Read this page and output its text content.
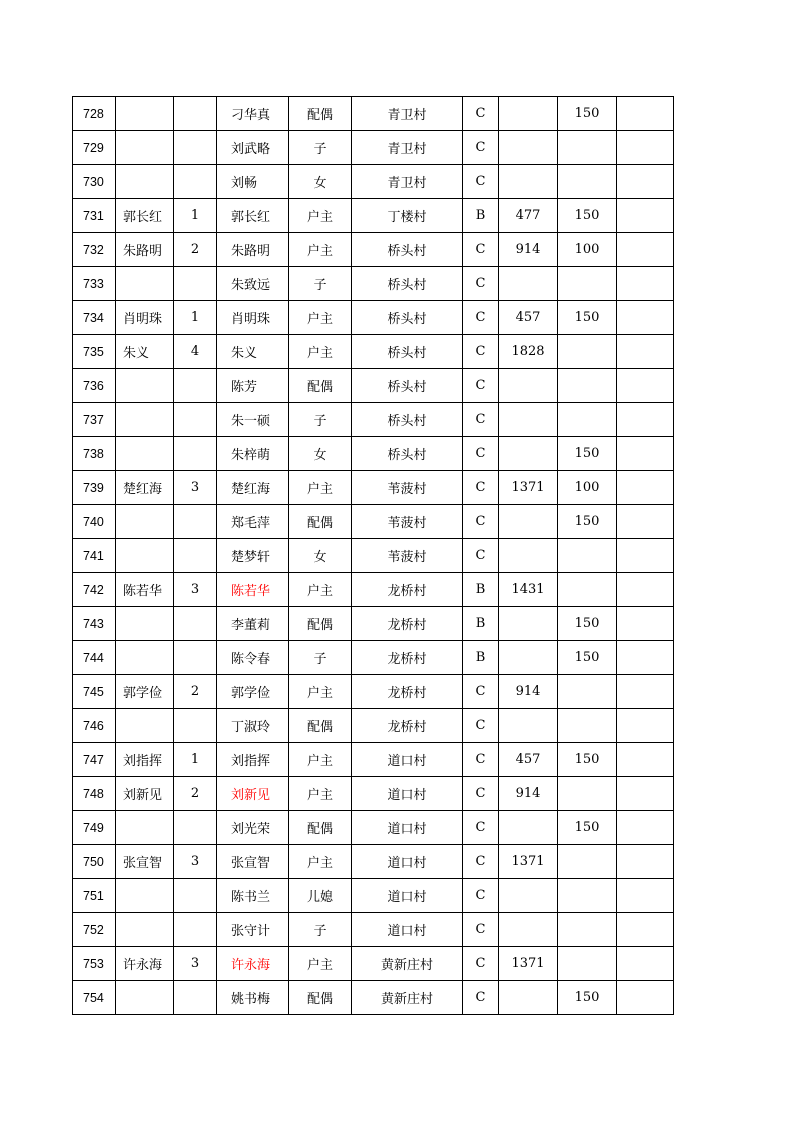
728			刁华真	配偶	青卫村	C		150	
729			刘武略	子	青卫村	C			
730			刘畅	女	青卫村	C			
731	郭长红	1	郭长红	户主	丁楼村	B	477	150	
732	朱路明	2	朱路明	户主	桥头村	C	914	100	
733			朱致远	子	桥头村	C			
734	肖明珠	1	肖明珠	户主	桥头村	C	457	150	
735	朱义	4	朱义	户主	桥头村	C	1828		
736			陈芳	配偶	桥头村	C			
737			朱一硕	子	桥头村	C			
738			朱梓萌	女	桥头村	C		150	
739	楚红海	3	楚红海	户主	苇菠村	C	1371	100	
740			郑毛萍	配偶	苇菠村	C		150	
741			楚梦轩	女	苇菠村	C			
742	陈若华	3	陈若华	户主	龙桥村	B	1431		
743			李董莉	配偶	龙桥村	B		150	
744			陈令春	子	龙桥村	B		150	
745	郭学俭	2	郭学俭	户主	龙桥村	C	914		
746			丁淑玲	配偶	龙桥村	C			
747	刘指挥	1	刘指挥	户主	道口村	C	457	150	
748	刘新见	2	刘新见	户主	道口村	C	914		
749			刘光荣	配偶	道口村	C		150	
750	张宣智	3	张宣智	户主	道口村	C	1371		
751			陈书兰	儿媳	道口村	C			
752			张守计	子	道口村	C			
753	许永海	3	许永海	户主	黄新庄村	C	1371		
754			姚书梅	配偶	黄新庄村	C		150	
